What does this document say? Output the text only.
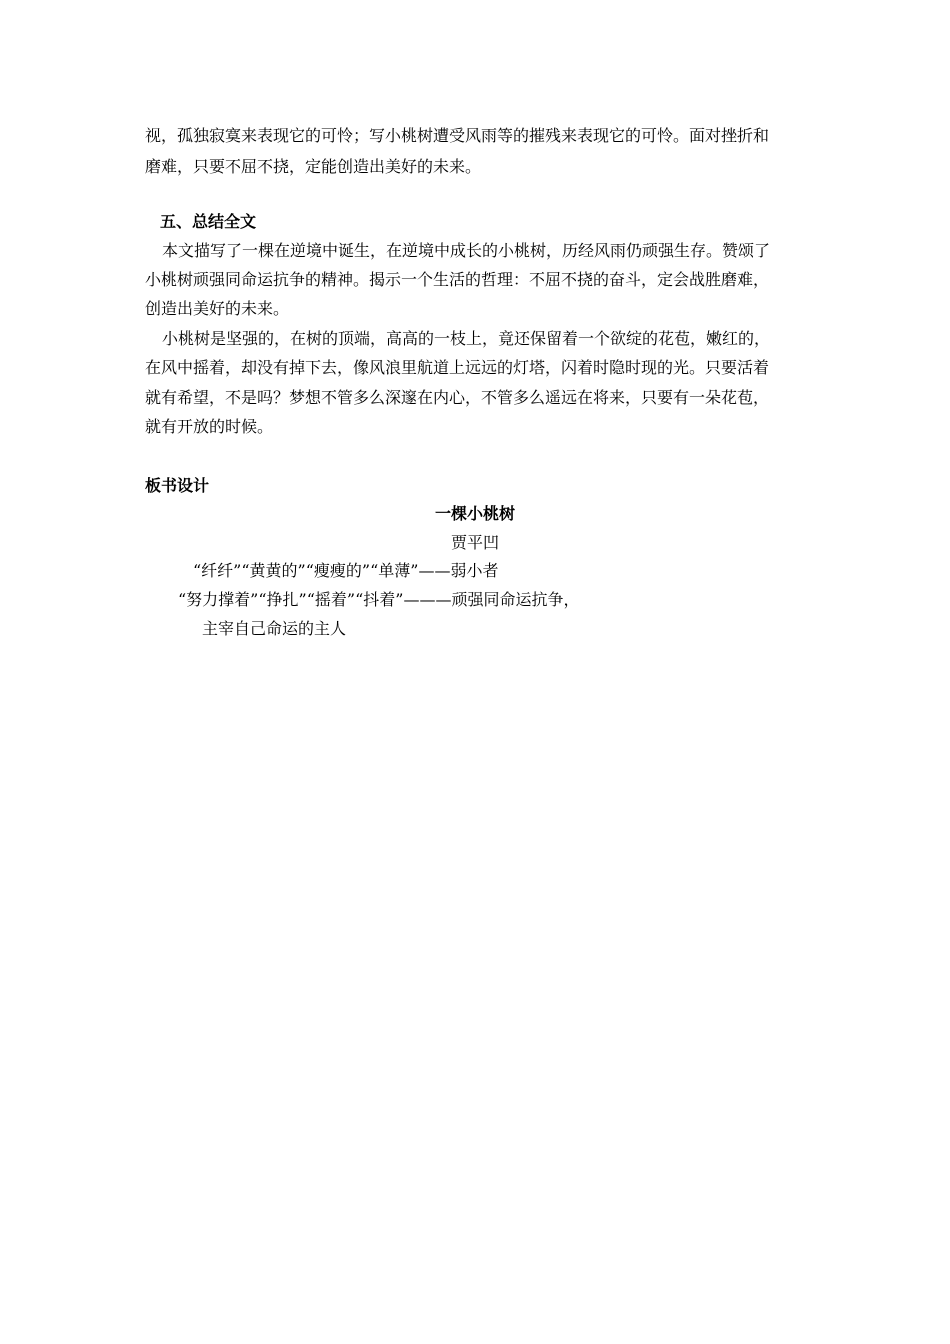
视，孤独寂寞来表现它的可怜；写小桃树遭受风雨等的摧残来表现它的可怜。面对挫折和
磨难，只要不屈不挠，定能创造出美好的未来。
五、总结全文
本文描写了一棵在逆境中诞生，在逆境中成长的小桃树，历经风雨仍顽强生存。赞颂了
小桃树顽强同命运抗争的精神。揭示一个生活的哲理：不屈不挠的奋斗，定会战胜磨难，
创造出美好的未来。
小桃树是坚强的，在树的顶端，高高的一枝上，竟还保留着一个欲绽的花苞，嫩红的，
在风中摇着，却没有掉下去，像风浪里航道上远远的灯塔，闪着时隐时现的光。只要活着
就有希望，不是吗？梦想不管多么深邃在内心，不管多么遥远在将来，只要有一朵花苞，
就有开放的时候。
板书设计
一棵小桃树
贾平凹
“纤纤”“黄黄的”“瘦瘦的”“单薄”——弱小者
“努力撑着”“挣扎”“摇着”“抖着”———顽强同命运抗争，
主宰自己命运的主人
